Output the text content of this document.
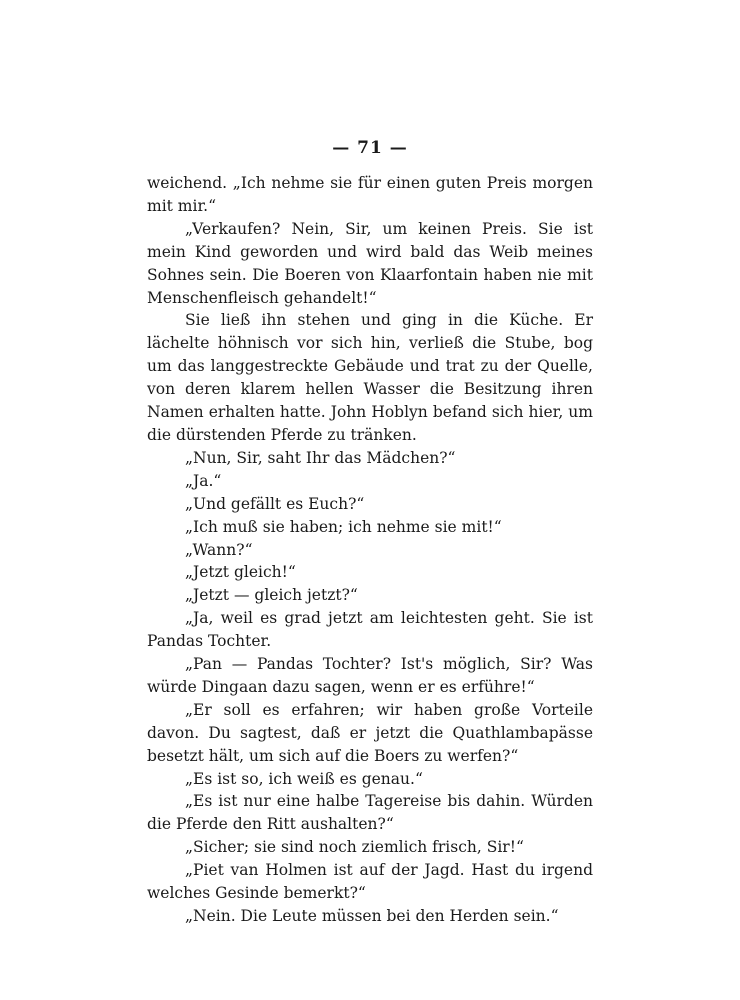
— 71 —

weichend. „Ich nehme sie für einen guten Preis morgen mit mir.“

„Verkaufen? Nein, Sir, um keinen Preis. Sie ist mein Kind geworden und wird bald das Weib meines Sohnes sein. Die Boeren von Klaarfontain haben nie mit Menschenfleisch gehandelt!“

Sie ließ ihn stehen und ging in die Küche. Er lächelte höhnisch vor sich hin, verließ die Stube, bog um das langgestreckte Gebäude und trat zu der Quelle, von deren klarem hellen Wasser die Besitzung ihren Namen erhalten hatte. John Hoblyn befand sich hier, um die dürstenden Pferde zu tränken.

„Nun, Sir, saht Ihr das Mädchen?“

„Ja.“

„Und gefällt es Euch?“

„Ich muß sie haben; ich nehme sie mit!“

„Wann?“

„Jetzt gleich!“

„Jetzt — gleich jetzt?“

„Ja, weil es grad jetzt am leichtesten geht. Sie ist Pandas Tochter.

„Pan — Pandas Tochter? Ist's möglich, Sir? Was würde Dingaan dazu sagen, wenn er es erführe!“

„Er soll es erfahren; wir haben große Vorteile davon. Du sagtest, daß er jetzt die Quathlambapässe besetzt hält, um sich auf die Boers zu werfen?“

„Es ist so, ich weiß es genau.“

„Es ist nur eine halbe Tagereise bis dahin. Würden die Pferde den Ritt aushalten?“

„Sicher; sie sind noch ziemlich frisch, Sir!“

„Piet van Holmen ist auf der Jagd. Hast du irgend welches Gesinde bemerkt?“

„Nein. Die Leute müssen bei den Herden sein.“
